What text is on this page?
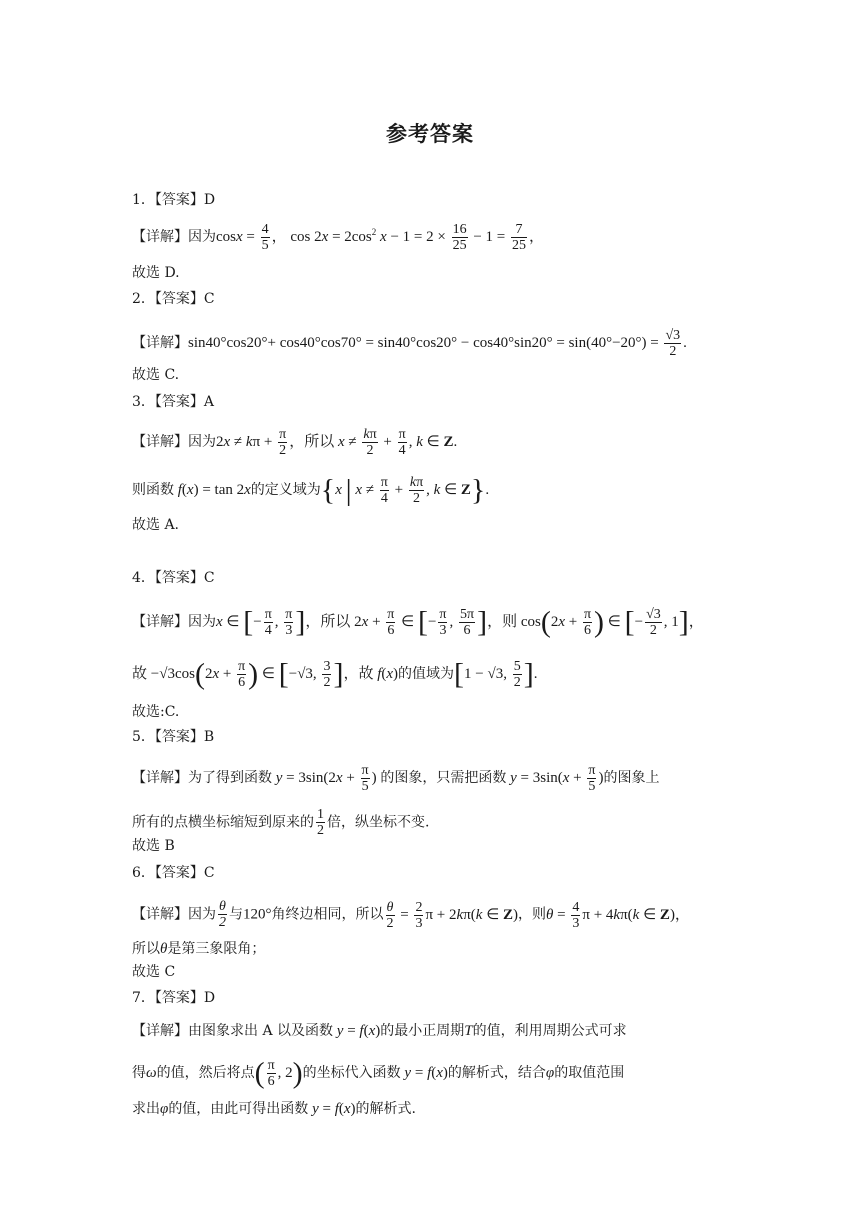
参考答案
1．【答案】D
【详解】因为$\cos x = \frac{4}{5}$ ， $\cos 2x = 2\cos^2$ $x - 1 = 2 \times \frac{16}{25} - 1 = \frac{7}{25}$ ，
故选 D.
2．【答案】C
【详解】$\sin 40^\circ\cos 20^\circ+ \cos 40^\circ\cos 70^\circ = \sin 40^\circ\cos 20^\circ - \cos 40^\circ\sin 20^\circ = \sin(40^\circ-20^\circ) = \frac{√3}{2}$ .
故选 C.
3．【答案】A
【详解】因为$2x \ne k\pi + \frac{\pi}{2}$ ，所以 $x \ne \frac{k\pi}{2} + \frac{\pi}{4}$ , k ∈ Z.
则函数 f(x) = tan 2x的定义域为{x | $x \ne \frac{\pi}{4} + \frac{k\pi}{2}$ , k ∈ Z}.
故选 A.
4．【答案】C
【详解】因为x ∈ [− $\frac{\pi}{4}$ , $\frac{\pi}{3}$ ]，所以 $2x + \frac{\pi}{6}$ ∈ [− $\frac{\pi}{3}$ , $\frac{5\pi}{6}$ ]，则 $\cos(2x + \frac{\pi}{6}$ ) ∈ [− $\frac{√3}{2}$ , 1]，
故 $-√3\cos(2x + \frac{\pi}{6}$ ) ∈ [−√3, $\frac{3}{2}$ ]，故 f(x)的值域为[1 − √3, $\frac{5}{2}$ ].
故选:C.
5．【答案】B
【详解】为了得到函数 $y = 3\sin(2x + \frac{\pi}{5}$ ) 的图象，只需把函数 $y = 3\sin(x + \frac{\pi}{5}$ )的图象上
所有的点横坐标缩短到原来的 $\frac{1}{2}$ 倍，纵坐标不变.
故选 B
6．【答案】C
【详解】因为 $\frac{\theta}{2}$ 与120°角终边相同，所以 $\frac{\theta}{2} = \frac{2}{3}$ π + 2kπ(k ∈ Z)，则$\theta = \frac{4}{3}$ π + 4kπ(k ∈ Z)，
所以θ是第三象限角；
故选 C
7．【答案】D
【详解】由图象求出 A 以及函数 y = f(x)的最小正周期T的值，利用周期公式可求
得ω的值，然后将点( $\frac{\pi}{6}$ , 2)的坐标代入函数 y = f(x)的解析式，结合φ的取值范围
求出φ的值，由此可得出函数 y = f(x)的解析式.
